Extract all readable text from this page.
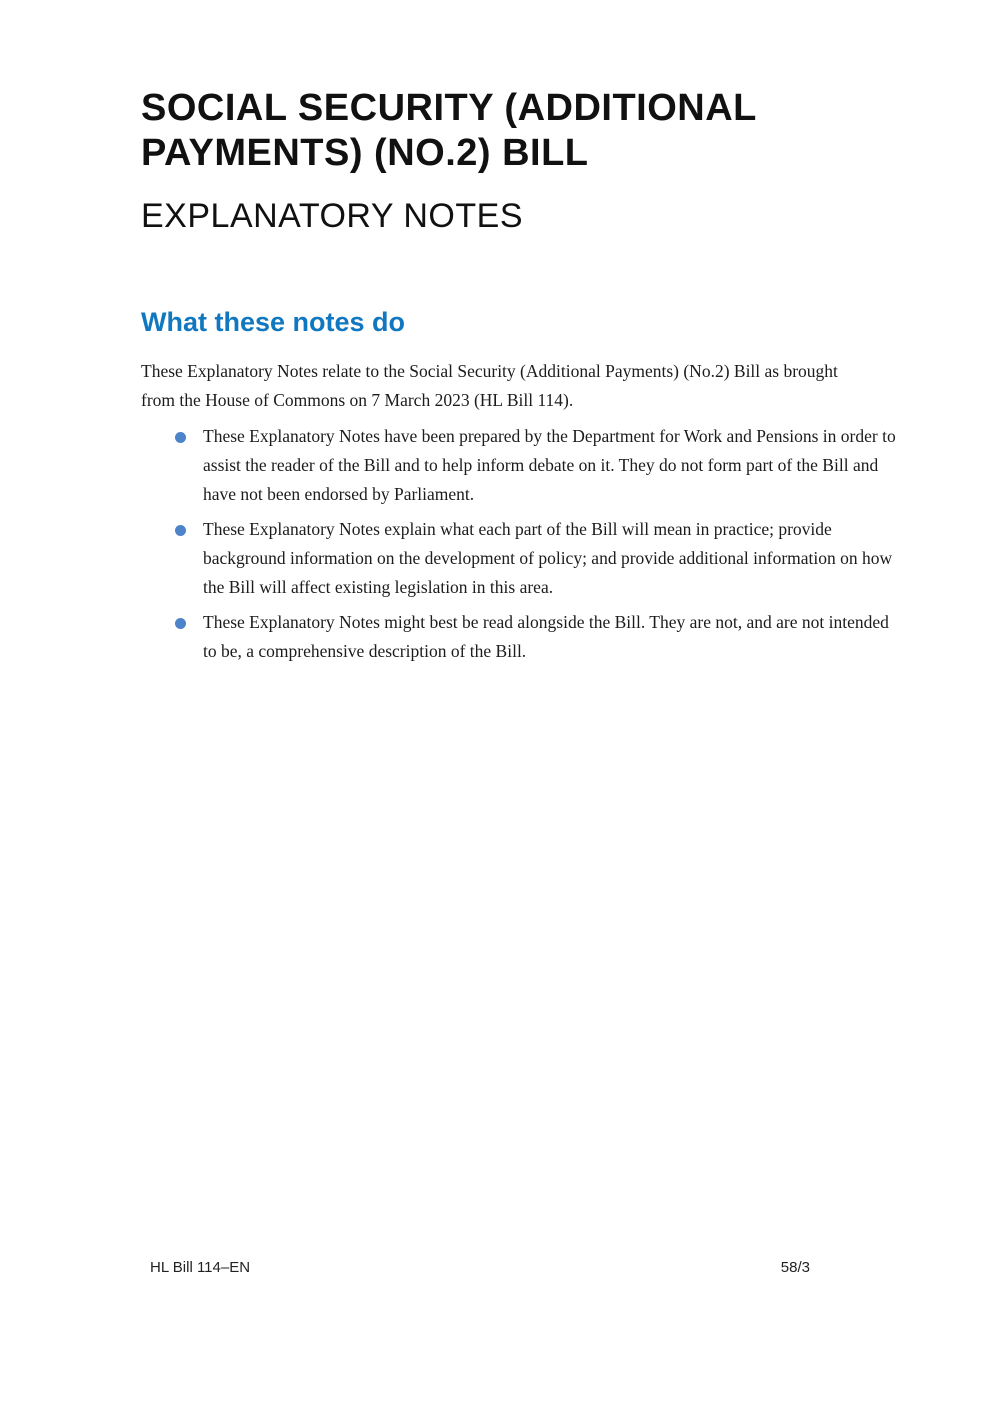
SOCIAL SECURITY (ADDITIONAL PAYMENTS) (NO.2) BILL
EXPLANATORY NOTES
What these notes do

These Explanatory Notes relate to the Social Security (Additional Payments) (No.2) Bill as brought from the House of Commons on 7 March 2023 (HL Bill 114).

These Explanatory Notes have been prepared by the Department for Work and Pensions in order to assist the reader of the Bill and to help inform debate on it. They do not form part of the Bill and have not been endorsed by Parliament.
These Explanatory Notes explain what each part of the Bill will mean in practice; provide background information on the development of policy; and provide additional information on how the Bill will affect existing legislation in this area.
These Explanatory Notes might best be read alongside the Bill. They are not, and are not intended to be, a comprehensive description of the Bill.
HL Bill 114–EN	58/3
